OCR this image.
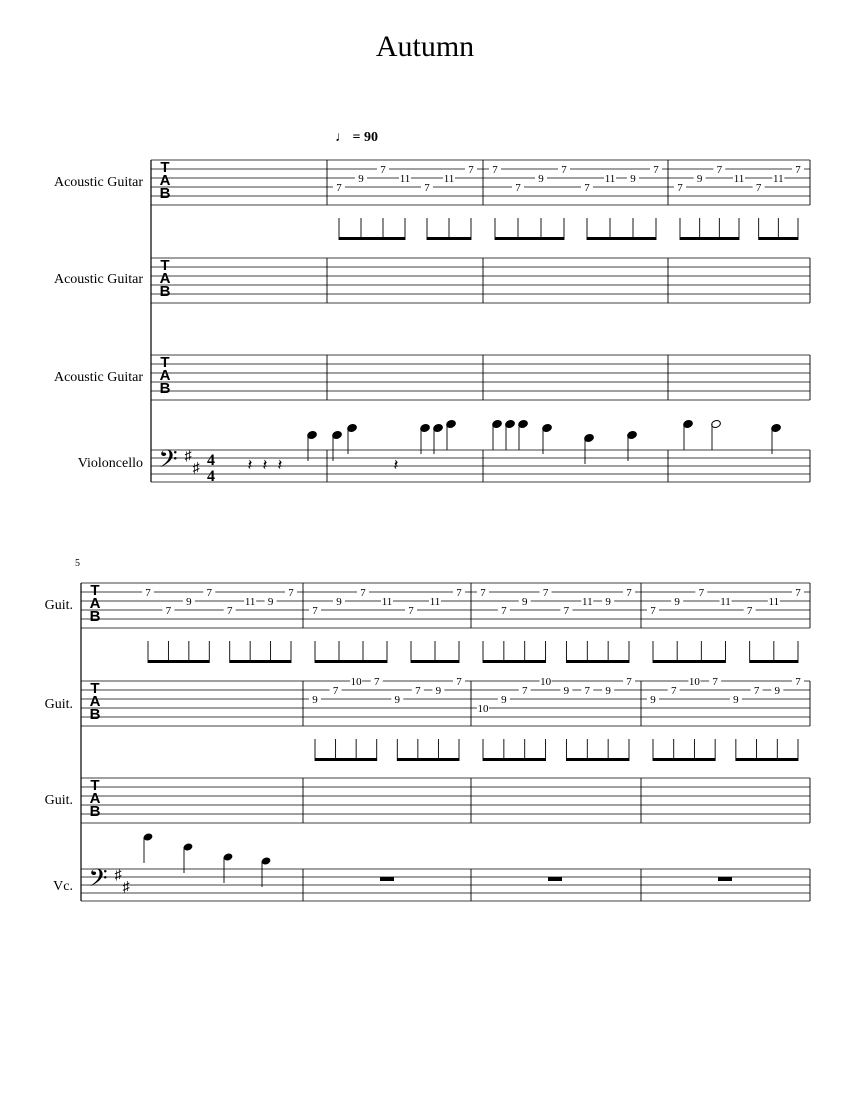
Autumn
♩ = 90
Acoustic Guitar
Acoustic Guitar
Acoustic Guitar
Violoncello
5
Guit.
Guit.
Guit.
Vc.
T
A
B
T
A
B
T
A
B
𝄢 ♯
♯ 4
4
7
9
7
11
7
11
7 7
7
9
7
7
11 9
7
7
9
7
11
7
11
7
𝄽 𝄽 𝄽	𝄽
T
A
B
T
A
B
T
A
B
𝄢 ♯
♯
7
7
9
7
7
11 9
7
7
9
7
11
7
11
7
9
7
10 7
9
7 9
7
7
7
9
7
7
11 9
7
10
9
7
10
9 7 9
7
7
9
7
11
7
11
7
9
7
10 7
9
7 9
7
